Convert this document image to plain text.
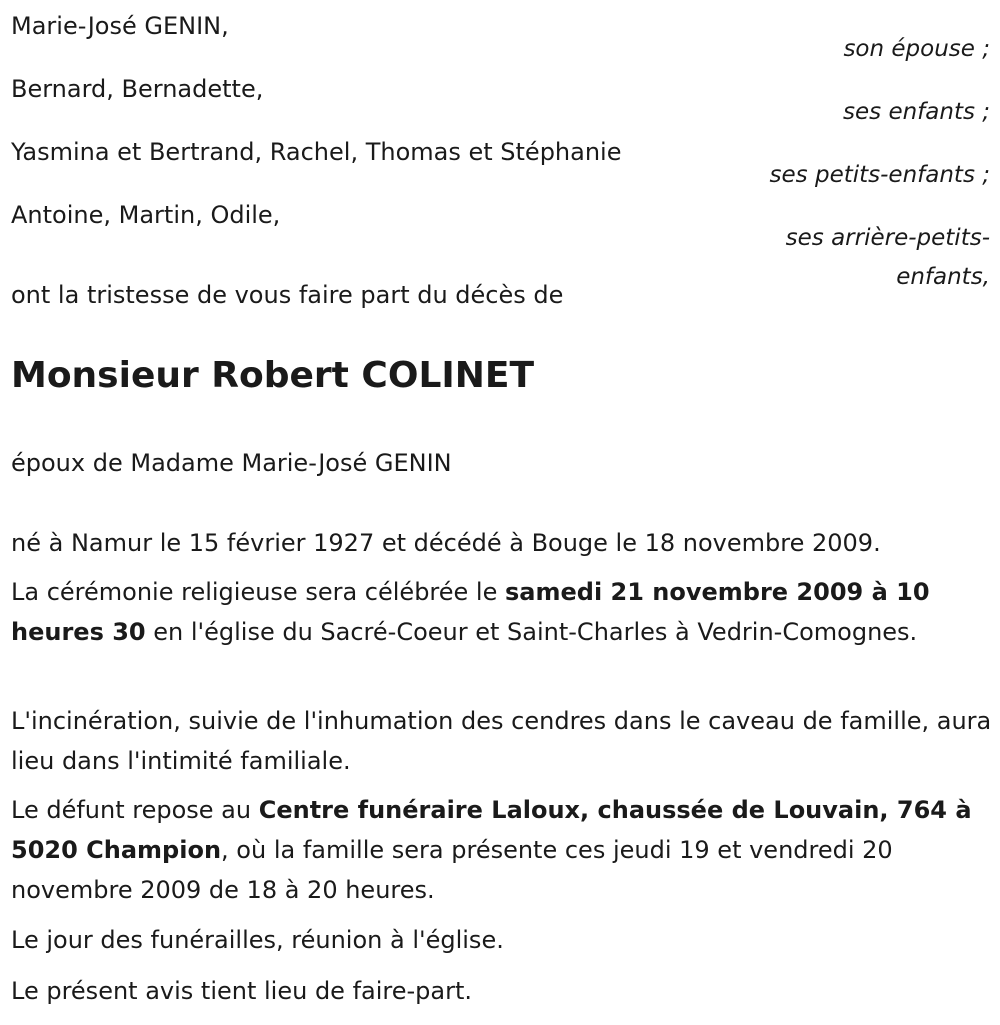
Marie-José GENIN,
son épouse ;
Bernard, Bernadette,
ses enfants ;
Yasmina et Bertrand, Rachel, Thomas et Stéphanie
ses petits-enfants ;
Antoine, Martin, Odile,
ses arrière-petits-enfants,
ont la tristesse de vous faire part du décès de
Monsieur Robert COLINET
époux de Madame Marie-José GENIN

né à Namur le 15 février 1927 et décédé à Bouge le 18 novembre 2009.

La cérémonie religieuse sera célébrée le samedi 21 novembre 2009 à 10 heures 30 en l'église du Sacré-Coeur et Saint-Charles à Vedrin-Comognes.

L'incinération, suivie de l'inhumation des cendres dans le caveau de famille, aura lieu dans l'intimité familiale.

Le défunt repose au Centre funéraire Laloux, chaussée de Louvain, 764 à 5020 Champion, où la famille sera présente ces jeudi 19 et vendredi 20 novembre 2009 de 18 à 20 heures.

Le jour des funérailles, réunion à l'église.

Le présent avis tient lieu de faire-part.
